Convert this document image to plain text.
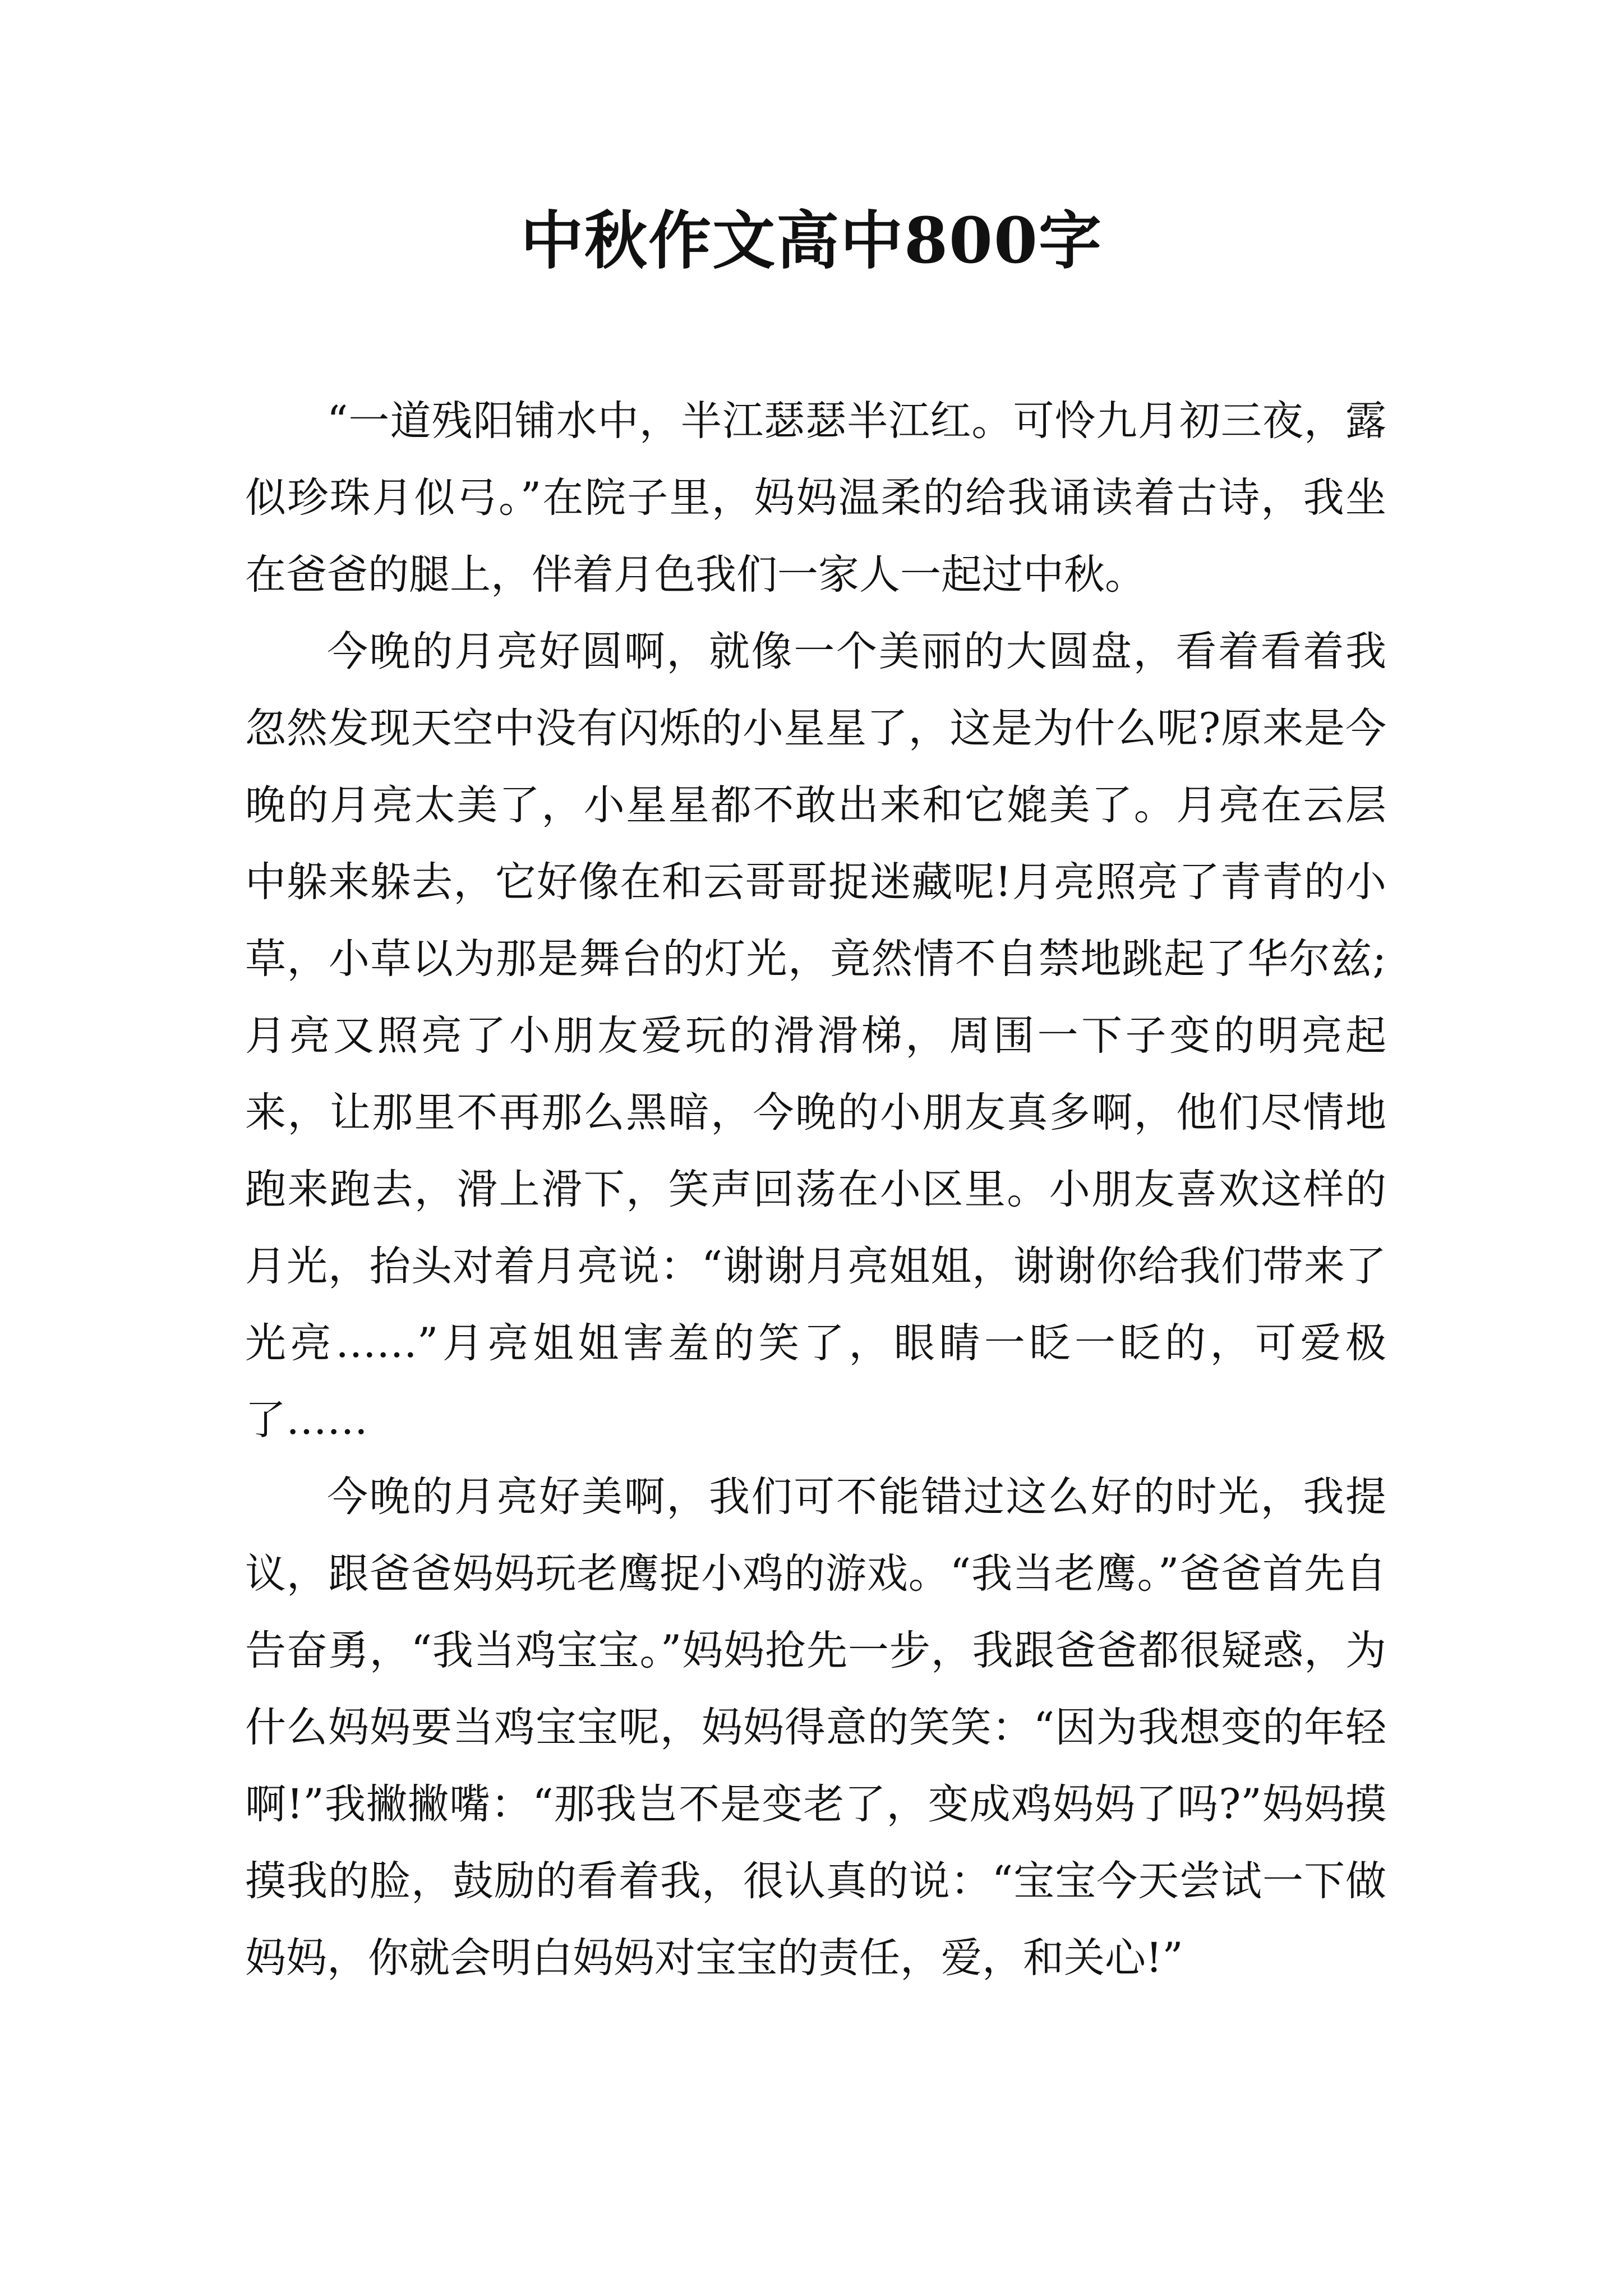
中秋作文高中800字

“一道残阳铺水中，半江瑟瑟半江红。可怜九月初三夜，露似珍珠月似弓。”在院子里，妈妈温柔的给我诵读着古诗，我坐在爸爸的腿上，伴着月色我们一家人一起过中秋。

今晚的月亮好圆啊，就像一个美丽的大圆盘，看着看着我忽然发现天空中没有闪烁的小星星了，这是为什么呢?原来是今晚的月亮太美了，小星星都不敢出来和它媲美了。月亮在云层中躲来躲去，它好像在和云哥哥捉迷藏呢!月亮照亮了青青的小草，小草以为那是舞台的灯光，竟然情不自禁地跳起了华尔兹;月亮又照亮了小朋友爱玩的滑滑梯，周围一下子变的明亮起来，让那里不再那么黑暗，今晚的小朋友真多啊，他们尽情地跑来跑去，滑上滑下，笑声回荡在小区里。小朋友喜欢这样的月光，抬头对着月亮说：“谢谢月亮姐姐，谢谢你给我们带来了光亮……”月亮姐姐害羞的笑了，眼睛一眨一眨的，可爱极了……

今晚的月亮好美啊，我们可不能错过这么好的时光，我提议，跟爸爸妈妈玩老鹰捉小鸡的游戏。“我当老鹰。”爸爸首先自告奋勇，“我当鸡宝宝。”妈妈抢先一步，我跟爸爸都很疑惑，为什么妈妈要当鸡宝宝呢，妈妈得意的笑笑：“因为我想变的年轻啊!”我撇撇嘴：“那我岂不是变老了，变成鸡妈妈了吗?”妈妈摸摸我的脸，鼓励的看着我，很认真的说：“宝宝今天尝试一下做妈妈，你就会明白妈妈对宝宝的责任，爱，和关心!”
